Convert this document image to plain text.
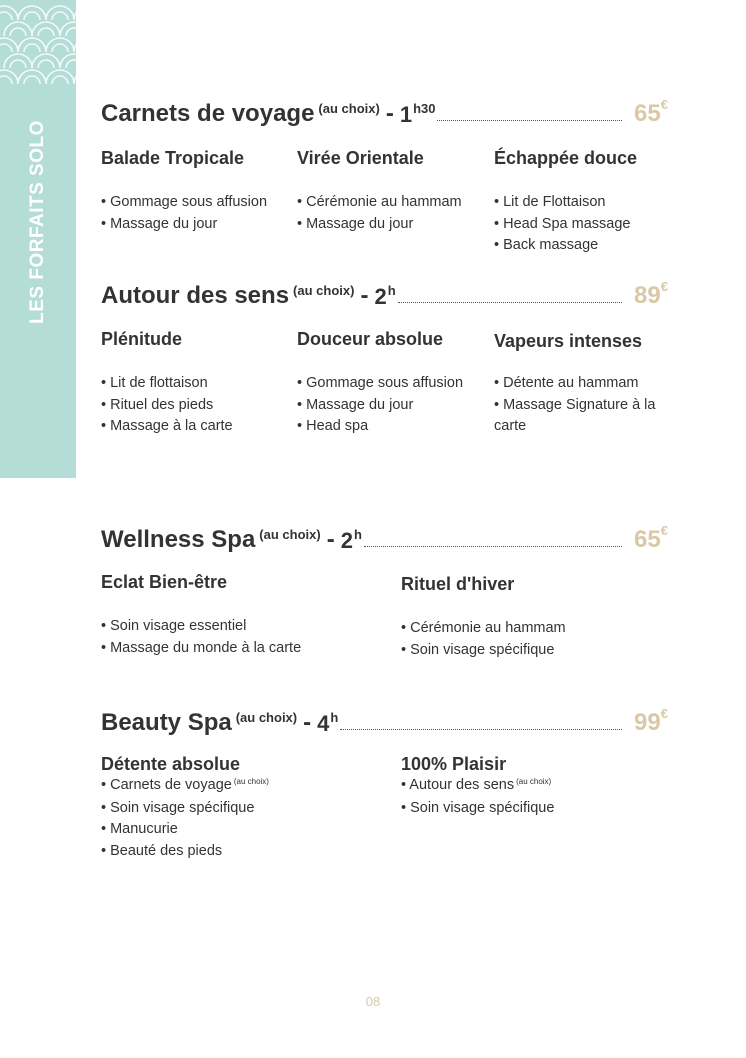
LES FORFAITS SOLO
Carnets de voyage (au choix) - 1 h30	65€
Balade Tropicale
• Gommage sous affusion
• Massage du jour
Virée Orientale
• Cérémonie au hammam
• Massage du jour
Échappée douce
• Lit de Flottaison
• Head Spa massage
• Back massage
Autour des sens (au choix) - 2 h	89€
Plénitude
• Lit de flottaison
• Rituel des pieds
• Massage à la carte
Douceur absolue
• Gommage sous affusion
• Massage du jour
• Head spa
Vapeurs intenses
• Détente au hammam
• Massage Signature à la carte
Wellness Spa (au choix) - 2 h	65€
Eclat Bien-être
• Soin visage essentiel
• Massage du monde à la carte
Rituel d'hiver
• Cérémonie au hammam
• Soin visage spécifique
Beauty Spa (au choix) - 4 h	99€
Détente absolue
• Carnets de voyage $^{(au choix)}$
• Soin visage spécifique
• Manucurie
• Beauté des pieds
100% Plaisir
• Autour des sens $^{(au choix)}$
• Soin visage spécifique
08
